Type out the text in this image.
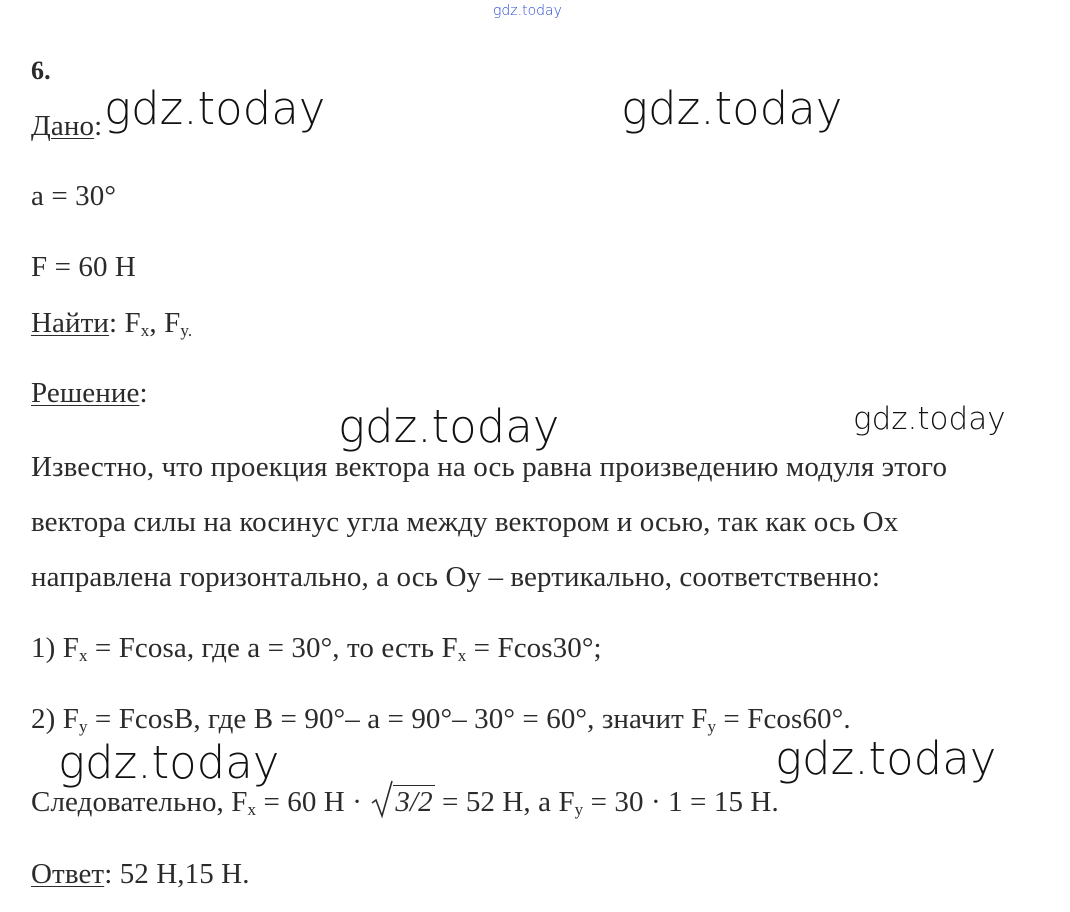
gdz.today
6.
Дано: gdz.today	gdz.today
a = 30°
F = 60 Н
Найти: $F_x$, $F_{y.}$
Решение:
gdz.today	gdz.today
Известно, что проекция вектора на ось равна произведению модуля этого
вектора силы на косинус угла между вектором и осью, так как ось Ox
направлена горизонтально, а ось Oy – вертикально, соответственно:
1) $F_x = Fcosa$, где a = 30°, то есть $F_x = Fcos30^\circ$;
2) $F_y = FcosB$, где B = 90°– a = 90°– 30° = 60°, значит $F_y = Fcos60^\circ$.
gdz.today	gdz.today
Следовательно, $F_x = 60$ Н ·
3/2 = 52 Н, а $F_y = 30 \cdot 1 = 15$ Н.
Ответ: 52 Н,15 Н.
